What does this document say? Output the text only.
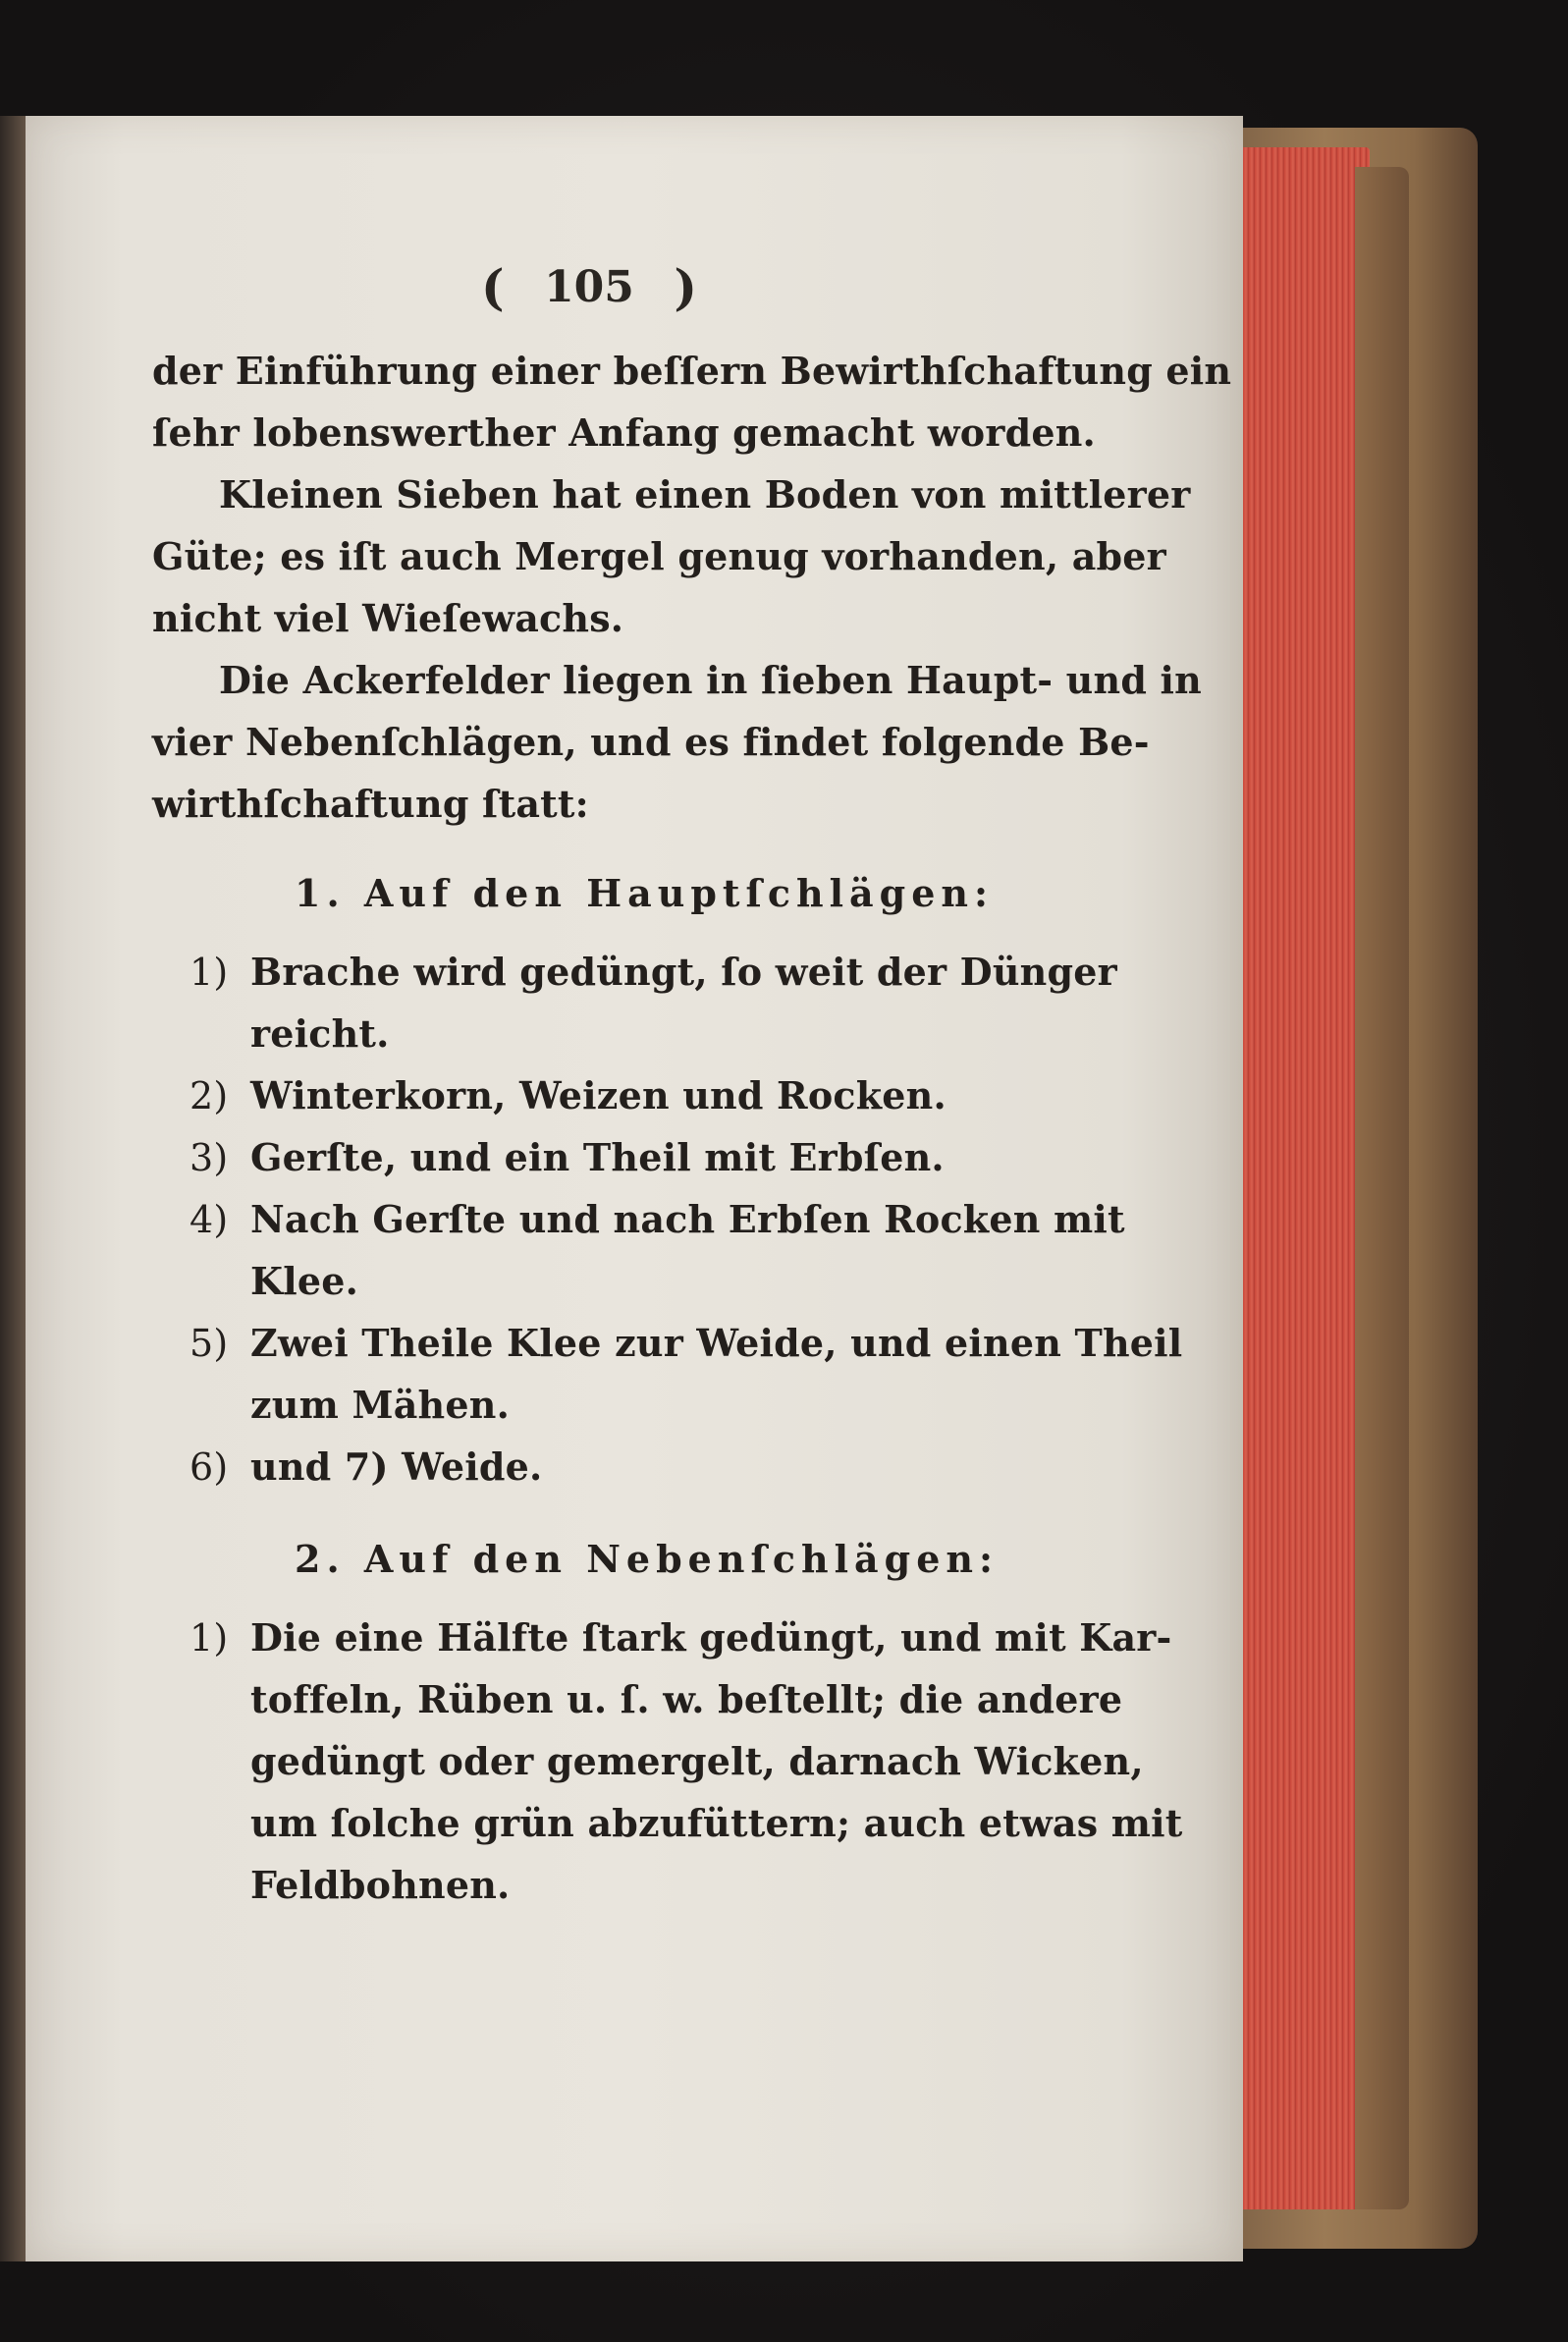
( 105 )
der Einführung einer beſſern Bewirthſchaftung ein
ſehr lobenswerther Anfang gemacht worden.
Kleinen Sieben hat einen Boden von mittlerer
Güte; es iſt auch Mergel genug vorhanden, aber
nicht viel Wieſewachs.
Die Ackerfelder liegen in ſieben Haupt- und in
vier Nebenſchlägen, und es findet folgende Be-
wirthſchaftung ſtatt:
1. Auf den Hauptſchlägen:
1) Brache wird gedüngt, ſo weit der Dünger
reicht.
2) Winterkorn, Weizen und Rocken.
3) Gerſte, und ein Theil mit Erbſen.
4) Nach Gerſte und nach Erbſen Rocken mit
Klee.
5) Zwei Theile Klee zur Weide, und einen Theil
zum Mähen.
6) und 7) Weide.
2. Auf den Nebenſchlägen:
1) Die eine Hälfte ſtark gedüngt, und mit Kar-
toffeln, Rüben u. ſ. w. beſtellt; die andere
gedüngt oder gemergelt, darnach Wicken,
um ſolche grün abzufüttern; auch etwas mit
Feldbohnen.
